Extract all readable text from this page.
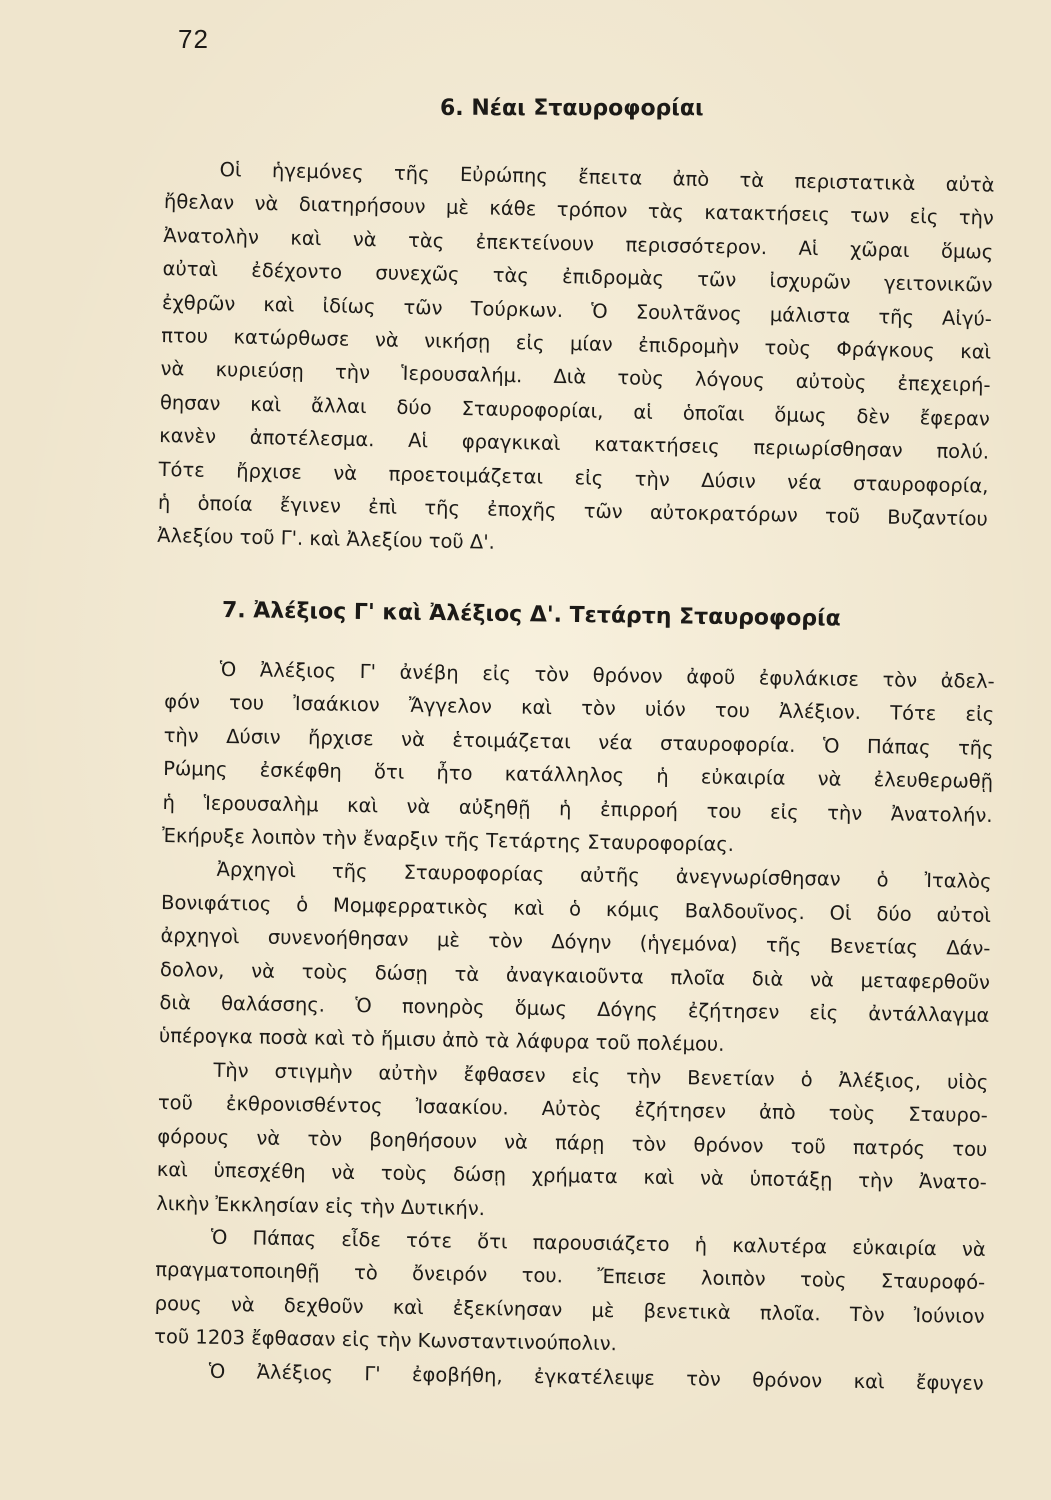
72
6. Νέαι Σταυροφορίαι
Οἱ ἡγεμόνες τῆς Εὐρώπης ἔπειτα ἀπὸ τὰ περιστατικὰ αὐτὰ
ἤθελαν νὰ διατηρήσουν μὲ κάθε τρόπον τὰς κατακτήσεις των εἰς τὴν
Ἀνατολὴν καὶ νὰ τὰς ἐπεκτείνουν περισσότερον. Αἱ χῶραι ὅμως
αὐταὶ ἐδέχοντο συνεχῶς τὰς ἐπιδρομὰς τῶν ἰσχυρῶν γειτονικῶν
ἐχθρῶν καὶ ἰδίως τῶν Τούρκων. Ὁ Σουλτᾶνος μάλιστα τῆς Αἰγύ-
πτου κατώρθωσε νὰ νικήσῃ εἰς μίαν ἐπιδρομὴν τοὺς Φράγκους καὶ
νὰ κυριεύσῃ τὴν Ἱερουσαλήμ. Διὰ τοὺς λόγους αὐτοὺς ἐπεχειρή-
θησαν καὶ ἄλλαι δύο Σταυροφορίαι, αἱ ὁποῖαι ὅμως δὲν ἔφεραν
κανὲν ἀποτέλεσμα. Αἱ φραγκικαὶ κατακτήσεις περιωρίσθησαν πολύ.
Τότε ἤρχισε νὰ προετοιμάζεται εἰς τὴν Δύσιν νέα σταυροφορία,
ἡ ὁποία ἔγινεν ἐπὶ τῆς ἐποχῆς τῶν αὐτοκρατόρων τοῦ Βυζαντίου
Ἀλεξίου τοῦ Γ'. καὶ Ἀλεξίου τοῦ Δ'.
7. Ἀλέξιος Γ' καὶ Ἀλέξιος Δ'. Τετάρτη Σταυροφορία
Ὁ Ἀλέξιος Γ' ἀνέβη εἰς τὸν θρόνον ἀφοῦ ἐφυλάκισε τὸν ἀδελ-
φόν του Ἰσαάκιον Ἄγγελον καὶ τὸν υἱόν του Ἀλέξιον. Τότε εἰς
τὴν Δύσιν ἤρχισε νὰ ἑτοιμάζεται νέα σταυροφορία. Ὁ Πάπας τῆς
Ρώμης ἐσκέφθη ὅτι ἦτο κατάλληλος ἡ εὐκαιρία νὰ ἐλευθερωθῇ
ἡ Ἱερουσαλὴμ καὶ νὰ αὐξηθῇ ἡ ἐπιρροή του εἰς τὴν Ἀνατολήν.
Ἐκήρυξε λοιπὸν τὴν ἔναρξιν τῆς Τετάρτης Σταυροφορίας.
Ἀρχηγοὶ τῆς Σταυροφορίας αὐτῆς ἀνεγνωρίσθησαν ὁ Ἰταλὸς
Βονιφάτιος ὁ Μομφερρατικὸς καὶ ὁ κόμις Βαλδουῖνος. Οἱ δύο αὐτοὶ
ἀρχηγοὶ συνενοήθησαν μὲ τὸν Δόγην (ἡγεμόνα) τῆς Βενετίας Δάν-
δολον, νὰ τοὺς δώσῃ τὰ ἀναγκαιοῦντα πλοῖα διὰ νὰ μεταφερθοῦν
διὰ θαλάσσης. Ὁ πονηρὸς ὅμως Δόγης ἐζήτησεν εἰς ἀντάλλαγμα
ὑπέρογκα ποσὰ καὶ τὸ ἥμισυ ἀπὸ τὰ λάφυρα τοῦ πολέμου.
Τὴν στιγμὴν αὐτὴν ἔφθασεν εἰς τὴν Βενετίαν ὁ Ἀλέξιος, υἱὸς
τοῦ ἐκθρονισθέντος Ἰσαακίου. Αὐτὸς ἐζήτησεν ἀπὸ τοὺς Σταυρο-
φόρους νὰ τὸν βοηθήσουν νὰ πάρῃ τὸν θρόνον τοῦ πατρός του
καὶ ὑπεσχέθη νὰ τοὺς δώσῃ χρήματα καὶ νὰ ὑποτάξῃ τὴν Ἀνατο-
λικὴν Ἐκκλησίαν εἰς τὴν Δυτικήν.
Ὁ Πάπας εἶδε τότε ὅτι παρουσιάζετο ἡ καλυτέρα εὐκαιρία νὰ
πραγματοποιηθῇ τὸ ὄνειρόν του. Ἔπεισε λοιπὸν τοὺς Σταυροφό-
ρους νὰ δεχθοῦν καὶ ἐξεκίνησαν μὲ βενετικὰ πλοῖα. Τὸν Ἰούνιον
τοῦ 1203 ἔφθασαν εἰς τὴν Κωνσταντινούπολιν.
Ὁ Ἀλέξιος Γ' ἐφοβήθη, ἐγκατέλειψε τὸν θρόνον καὶ ἔφυγεν
